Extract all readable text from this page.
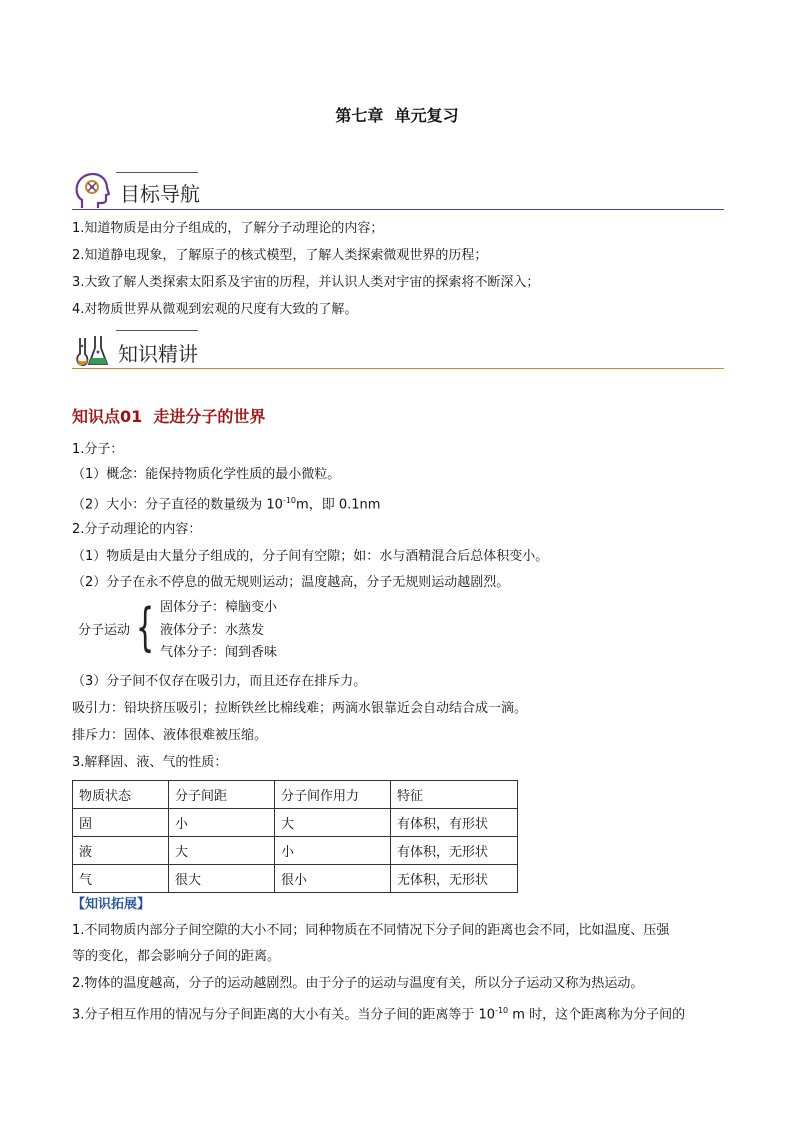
第七章  单元复习
目标导航
1.知道物质是由分子组成的，了解分子动理论的内容；
2.知道静电现象，了解原子的核式模型，了解人类探索微观世界的历程；
3.大致了解人类探索太阳系及宇宙的历程，并认识人类对宇宙的探索将不断深入；
4.对物质世界从微观到宏观的尺度有大致的了解。
知识精讲
知识点01  走进分子的世界
1.分子：
（1）概念：能保持物质化学性质的最小微粒。
（2）大小：分子直径的数量级为 $10^{-10}m$，即 0.1nm
2.分子动理论的内容：
（1）物质是由大量分子组成的，分子间有空隙；如：水与酒精混合后总体积变小。
（2）分子在永不停息的做无规则运动；温度越高，分子无规则运动越剧烈。
分子运动 { 固体分子：樟脑变小
液体分子：水蒸发
气体分子：闻到香味
（3）分子间不仅存在吸引力，而且还存在排斥力。
吸引力：铅块挤压吸引；拉断铁丝比棉线难；两滴水银靠近会自动结合成一滴。
排斥力：固体、液体很难被压缩。
3.解释固、液、气的性质：
物质状态	分子间距	分子间作用力	特征
固	小	大	有体积，有形状
液	大	小	有体积，无形状
气	很大	很小	无体积，无形状
【知识拓展】
1.不同物质内部分子间空隙的大小不同；同种物质在不同情况下分子间的距离也会不同，比如温度、压强
等的变化，都会影响分子间的距离。
2.物体的温度越高，分子的运动越剧烈。由于分子的运动与温度有关，所以分子运动又称为热运动。
3.分子相互作用的情况与分子间距离的大小有关。当分子间的距离等于 $10^{-10}$ m 时，这个距离称为分子间的
